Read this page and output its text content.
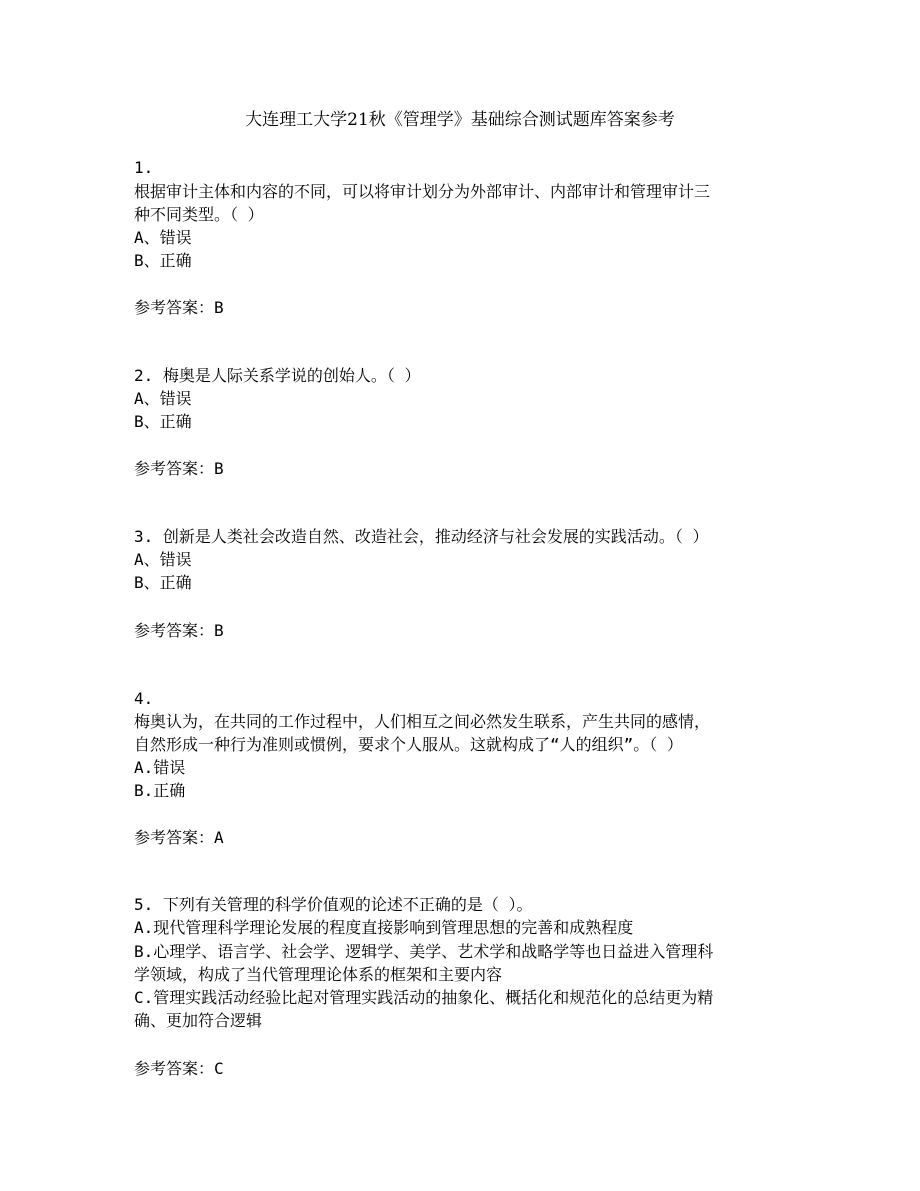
大连理工大学21秋《管理学》基础综合测试题库答案参考
1.
根据审计主体和内容的不同，可以将审计划分为外部审计、内部审计和管理审计三
种不同类型。（ ）
A、错误
B、正确
参考答案：B
2. 梅奥是人际关系学说的创始人。（ ）
A、错误
B、正确
参考答案：B
3. 创新是人类社会改造自然、改造社会，推动经济与社会发展的实践活动。（ ）
A、错误
B、正确
参考答案：B
4.
梅奥认为，在共同的工作过程中，人们相互之间必然发生联系，产生共同的感情，
自然形成一种行为准则或惯例，要求个人服从。这就构成了“人的组织”。（ ）
A.错误
B.正确
参考答案：A
5. 下列有关管理的科学价值观的论述不正确的是（ ）。
A.现代管理科学理论发展的程度直接影响到管理思想的完善和成熟程度
B.心理学、语言学、社会学、逻辑学、美学、艺术学和战略学等也日益进入管理科
学领域，构成了当代管理理论体系的框架和主要内容
C.管理实践活动经验比起对管理实践活动的抽象化、概括化和规范化的总结更为精
确、更加符合逻辑
参考答案：C
